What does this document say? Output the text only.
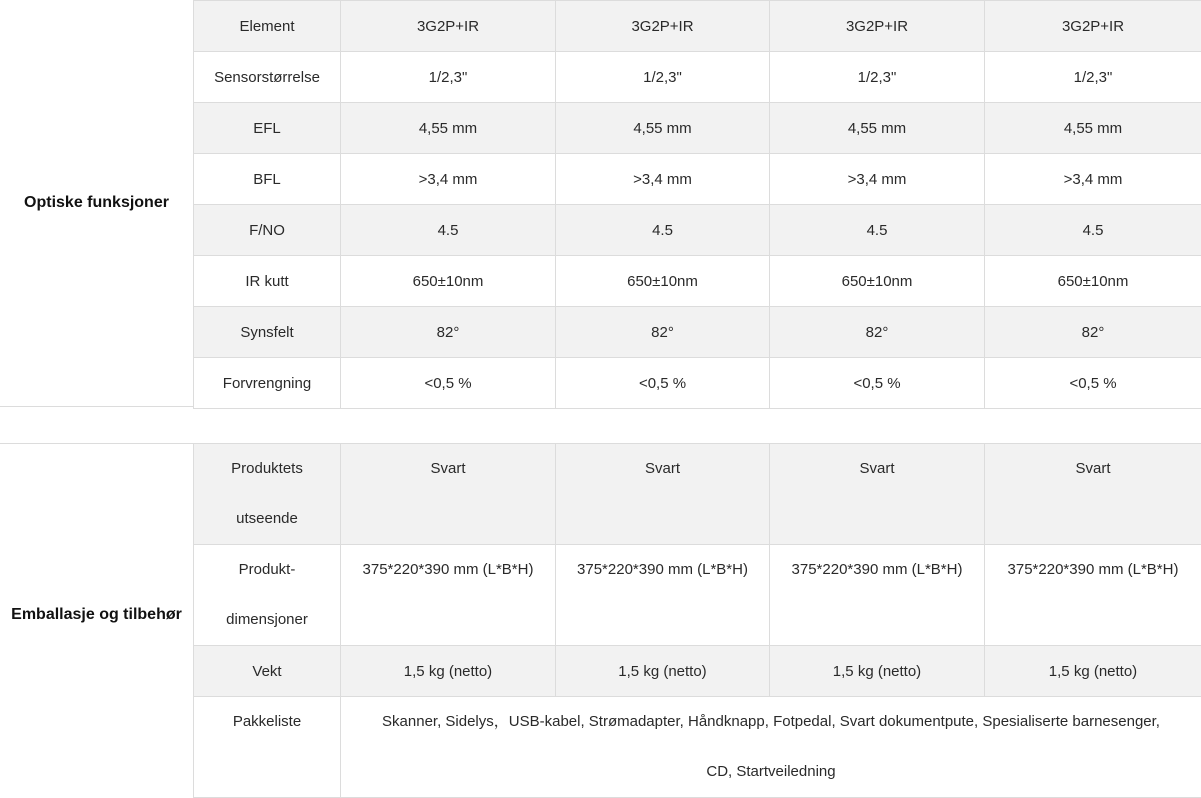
Optiske funksjoner
Element	3G2P+IR	3G2P+IR	3G2P+IR	3G2P+IR
Sensorstørrelse	1/2,3"	1/2,3"	1/2,3"	1/2,3"
EFL	4,55 mm	4,55 mm	4,55 mm	4,55 mm
BFL	>3,4 mm	>3,4 mm	>3,4 mm	>3,4 mm
F/NO	4.5	4.5	4.5	4.5
IR kutt	650±10nm	650±10nm	650±10nm	650±10nm
Synsfelt	82°	82°	82°	82°
Forvrengning	<0,5 %	<0,5 %	<0,5 %	<0,5 %
Emballasje og tilbehør
Produktets
utseende	Svart	Svart	Svart	Svart

Produkt-
dimensjoner	375*220*390 mm (L*B*H)	375*220*390 mm (L*B*H)	375*220*390 mm (L*B*H)	375*220*390 mm (L*B*H)
Vekt	1,5 kg (netto)	1,5 kg (netto)	1,5 kg (netto)	1,5 kg (netto)
Pakkeliste	Skanner, Sidelys，USB-kabel, Strømadapter, Håndknapp, Fotpedal, Svart dokumentpute, Spesialiserte barnesenger,
CD, Startveiledning			
